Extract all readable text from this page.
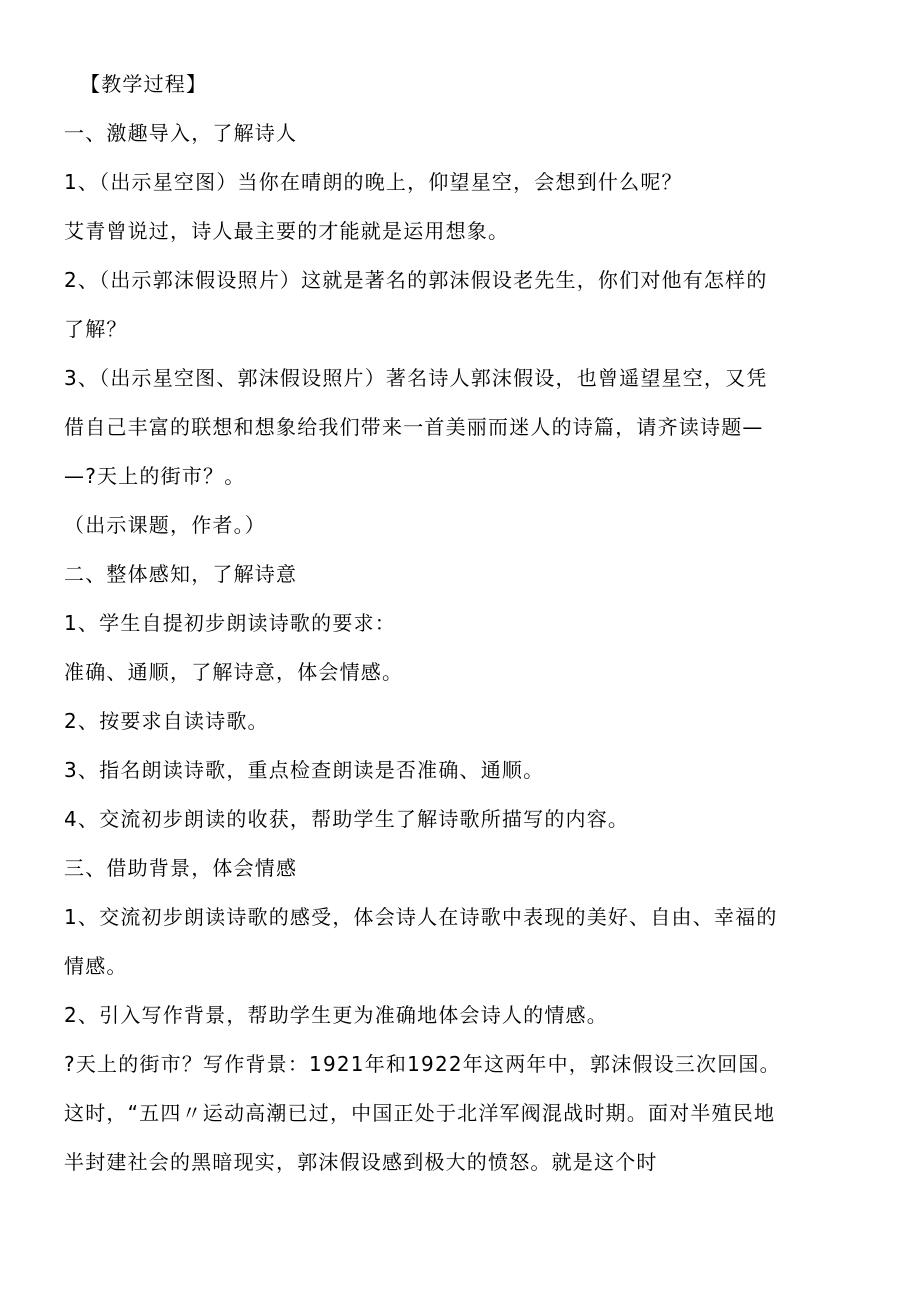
【教学过程】

一、激趣导入，了解诗人

1、（出示星空图）当你在晴朗的晚上，仰望星空，会想到什么呢？

艾青曾说过，诗人最主要的才能就是运用想象。

2、（出示郭沫假设照片）这就是著名的郭沫假设老先生，你们对他有怎样的

了解？

3、（出示星空图、郭沫假设照片）著名诗人郭沫假设，也曾遥望星空，又凭

借自己丰富的联想和想象给我们带来一首美丽而迷人的诗篇，请齐读诗题—

—?天上的街市？。

（出示课题，作者。）

二、整体感知，了解诗意

1、学生自提初步朗读诗歌的要求：

准确、通顺，了解诗意，体会情感。

2、按要求自读诗歌。

3、指名朗读诗歌，重点检查朗读是否准确、通顺。

4、交流初步朗读的收获，帮助学生了解诗歌所描写的内容。

三、借助背景，体会情感

1、交流初步朗读诗歌的感受，体会诗人在诗歌中表现的美好、自由、幸福的

情感。

2、引入写作背景，帮助学生更为准确地体会诗人的情感。

?天上的街市？写作背景：1921年和1922年这两年中，郭沫假设三次回国。

这时，“五四〃运动高潮已过，中国正处于北洋军阀混战时期。面对半殖民地

半封建社会的黑暗现实，郭沫假设感到极大的愤怒。就是这个时
